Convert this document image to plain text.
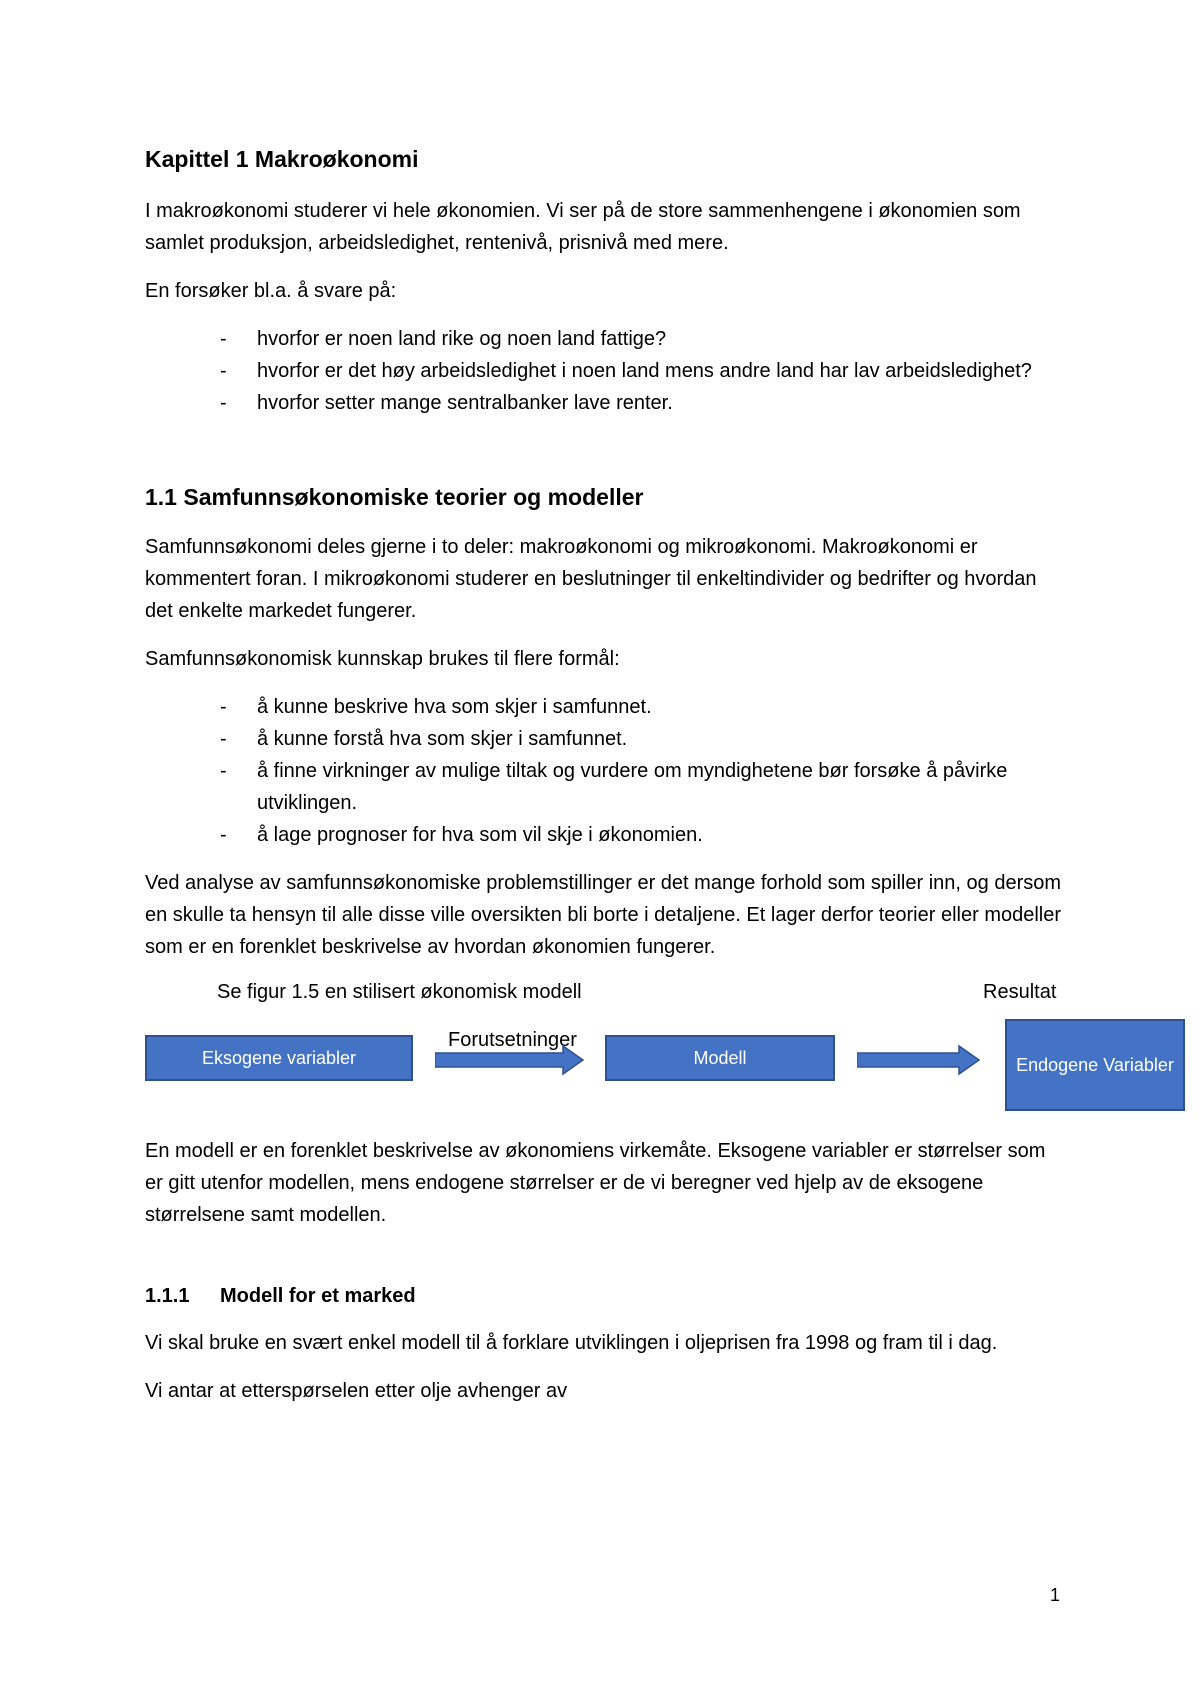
Kapittel 1 Makroøkonomi

I makroøkonomi studerer vi hele økonomien. Vi ser på de store sammenhengene i økonomien som samlet produksjon, arbeidsledighet, rentenivå, prisnivå med mere.

En forsøker bl.a. å svare på:

- hvorfor er noen land rike og noen land fattige?
- hvorfor er det høy arbeidsledighet i noen land mens andre land har lav arbeidsledighet?
- hvorfor setter mange sentralbanker lave renter.
1.1 Samfunnsøkonomiske teorier og modeller

Samfunnsøkonomi deles gjerne i to deler: makroøkonomi og mikroøkonomi. Makroøkonomi er kommentert foran. I mikroøkonomi studerer en beslutninger til enkeltindivider og bedrifter og hvordan det enkelte markedet fungerer.

Samfunnsøkonomisk kunnskap brukes til flere formål:

- å kunne beskrive hva som skjer i samfunnet.
- å kunne forstå hva som skjer i samfunnet.
- å finne virkninger av mulige tiltak og vurdere om myndighetene bør forsøke å påvirke utviklingen.
- å lage prognoser for hva som vil skje i økonomien.

Ved analyse av samfunnsøkonomiske problemstillinger er det mange forhold som spiller inn, og dersom en skulle ta hensyn til alle disse ville oversikten bli borte i detaljene. Et lager derfor teorier eller modeller som er en forenklet beskrivelse av hvordan økonomien fungerer.

Se figur 1.5 en stilisert økonomisk modell	Resultat
Forutsetninger
Eksogene variabler	Modell	Endogene Variabler

En modell er en forenklet beskrivelse av økonomiens virkemåte. Eksogene variabler er størrelser som er gitt utenfor modellen, mens endogene størrelser er de vi beregner ved hjelp av de eksogene størrelsene samt modellen.

1.1.1 Modell for et marked

Vi skal bruke en svært enkel modell til å forklare utviklingen i oljeprisen fra 1998 og fram til i dag.

Vi antar at etterspørselen etter olje avhenger av

1
